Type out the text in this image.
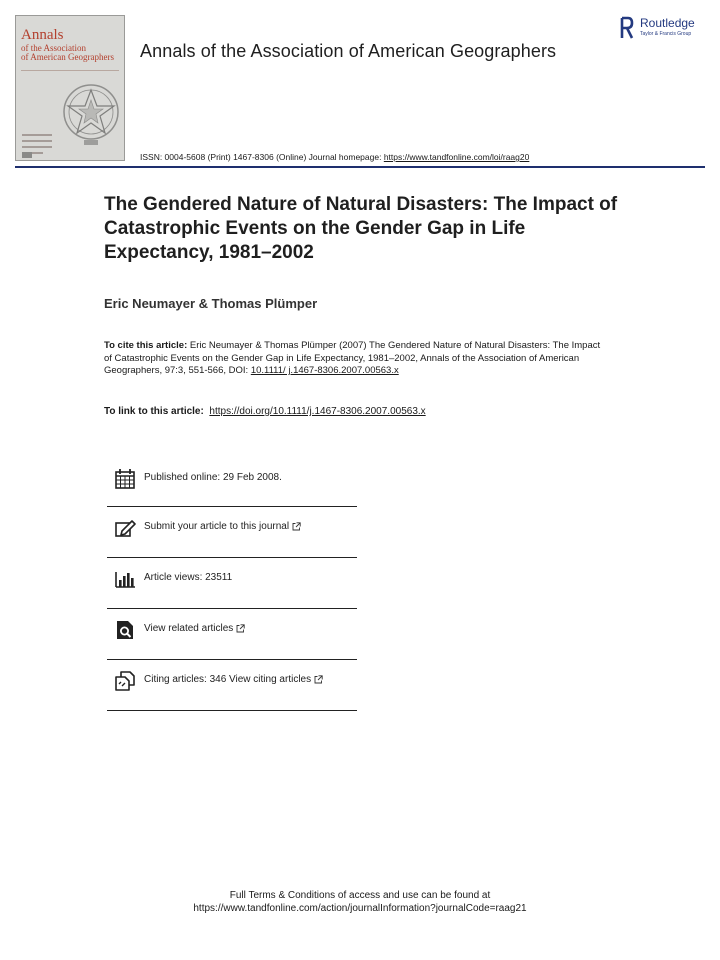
Annals
of the Association
of American Geographers Annals of the Association of American Geographers
Routledge
Taylor & Francis Group
ISSN: 0004-5608 (Print) 1467-8306 (Online) Journal homepage: https://www.tandfonline.com/loi/raag20
The Gendered Nature of Natural Disasters: The Impact of Catastrophic Events on the Gender Gap in Life Expectancy, 1981–2002
Eric Neumayer & Thomas Plümper
To cite this article: Eric Neumayer & Thomas Plümper (2007) The Gendered Nature of Natural Disasters: The Impact of Catastrophic Events on the Gender Gap in Life Expectancy, 1981–2002, Annals of the Association of American Geographers, 97:3, 551-566, DOI: 10.1111/ j.1467-8306.2007.00563.x
To link to this article: https://doi.org/10.1111/j.1467-8306.2007.00563.x
Published online: 29 Feb 2008.
Submit your article to this journal
Article views: 23511
View related articles
Citing articles: 346 View citing articles
Full Terms & Conditions of access and use can be found at
https://www.tandfonline.com/action/journalInformation?journalCode=raag21
